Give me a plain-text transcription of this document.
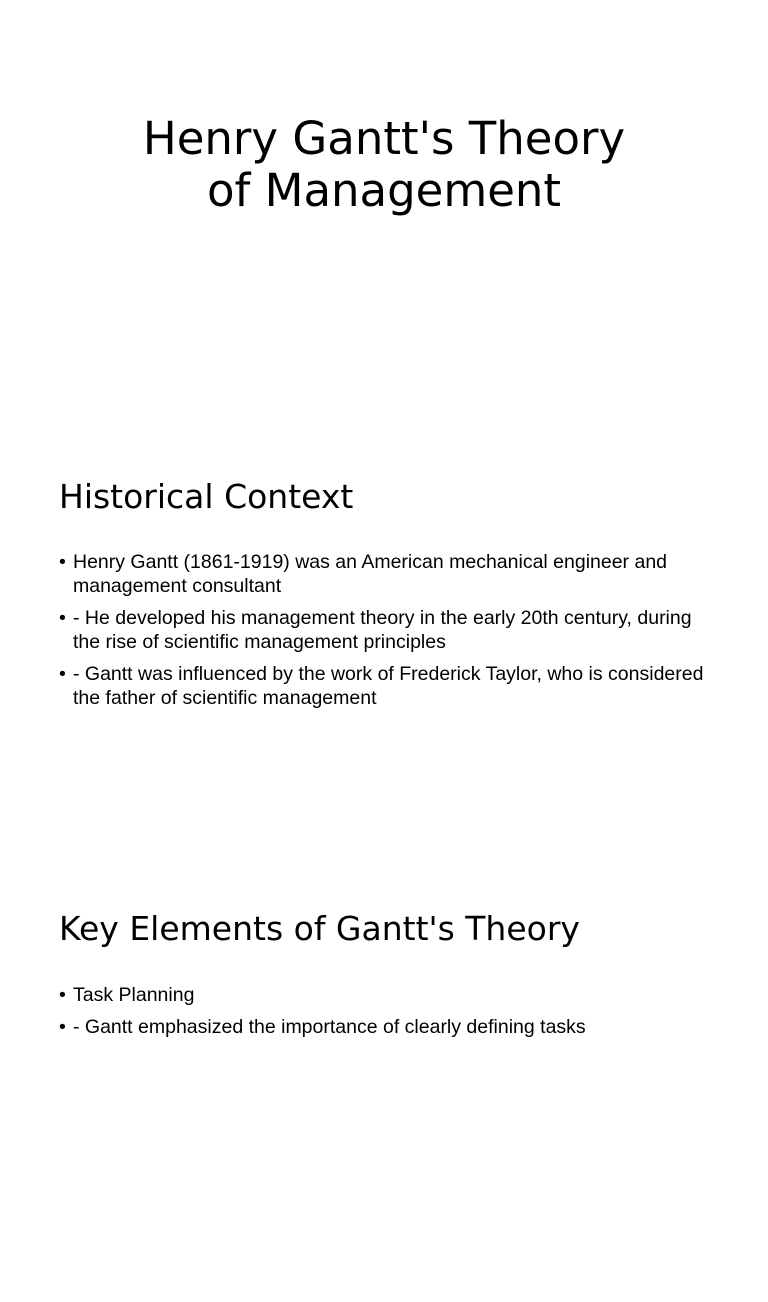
Henry Gantt's Theory
of Management
Historical Context
• Henry Gantt (1861-1919) was an American mechanical engineer and management consultant
• - He developed his management theory in the early 20th century, during the rise of scientific management principles
• - Gantt was influenced by the work of Frederick Taylor, who is considered the father of scientific management
Key Elements of Gantt's Theory
• Task Planning
• - Gantt emphasized the importance of clearly defining tasks
